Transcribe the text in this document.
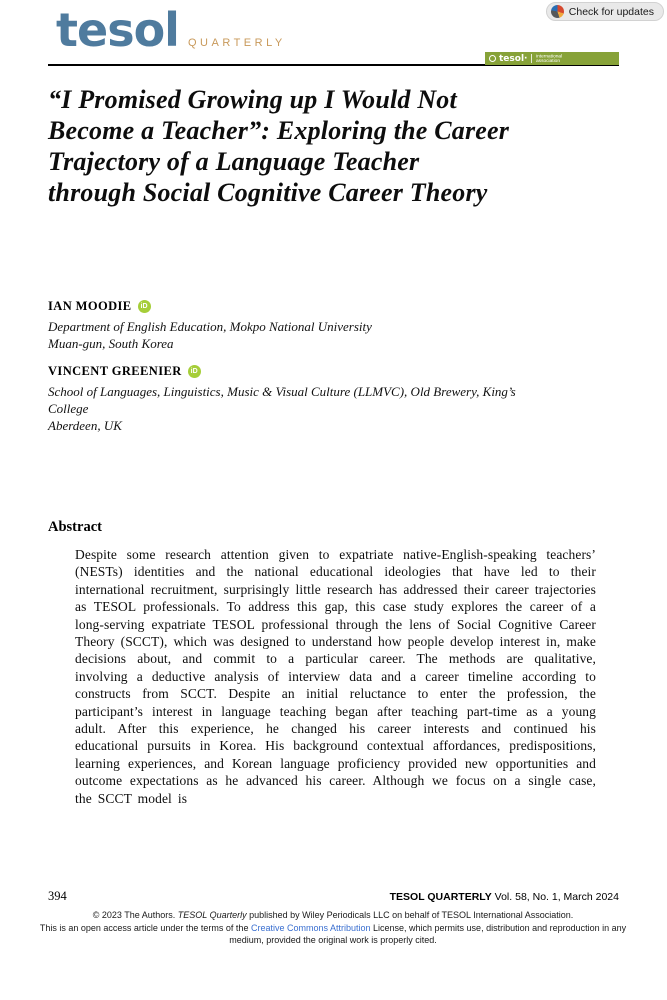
Check for updates
tesol QUARTERLY
tesol· international
association
“I Promised Growing up I Would Not Become a Teacher”: Exploring the Career Trajectory of a Language Teacher through Social Cognitive Career Theory
IAN MOODIE
iD
Department of English Education, Mokpo National University
Muan-gun, South Korea
VINCENT GREENIER
iD
School of Languages, Linguistics, Music & Visual Culture (LLMVC), Old Brewery, King’s College
Aberdeen, UK
Abstract
Despite some research attention given to expatriate native-English-speaking teachers’ (NESTs) identities and the national educational ideologies that have led to their international recruitment, surprisingly little research has addressed their career trajectories as TESOL professionals. To address this gap, this case study explores the career of a long-serving expatriate TESOL professional through the lens of Social Cognitive Career Theory (SCCT), which was designed to understand how people develop interest in, make decisions about, and commit to a particular career. The methods are qualitative, involving a deductive analysis of interview data and a career timeline according to constructs from SCCT. Despite an initial reluctance to enter the profession, the participant’s interest in language teaching began after teaching part-time as a young adult. After this experience, he changed his career interests and continued his educational pursuits in Korea. His background contextual affordances, predispositions, learning experiences, and Korean language proficiency provided new opportunities and outcome expectations as he advanced his career. Although we focus on a single case, the SCCT model is
394	TESOL QUARTERLY Vol. 58, No. 1, March 2024
© 2023 The Authors. TESOL Quarterly published by Wiley Periodicals LLC on behalf of TESOL International Association.
This is an open access article under the terms of the Creative Commons Attribution License, which permits use, distribution and reproduction in any medium, provided the original work is properly cited.
